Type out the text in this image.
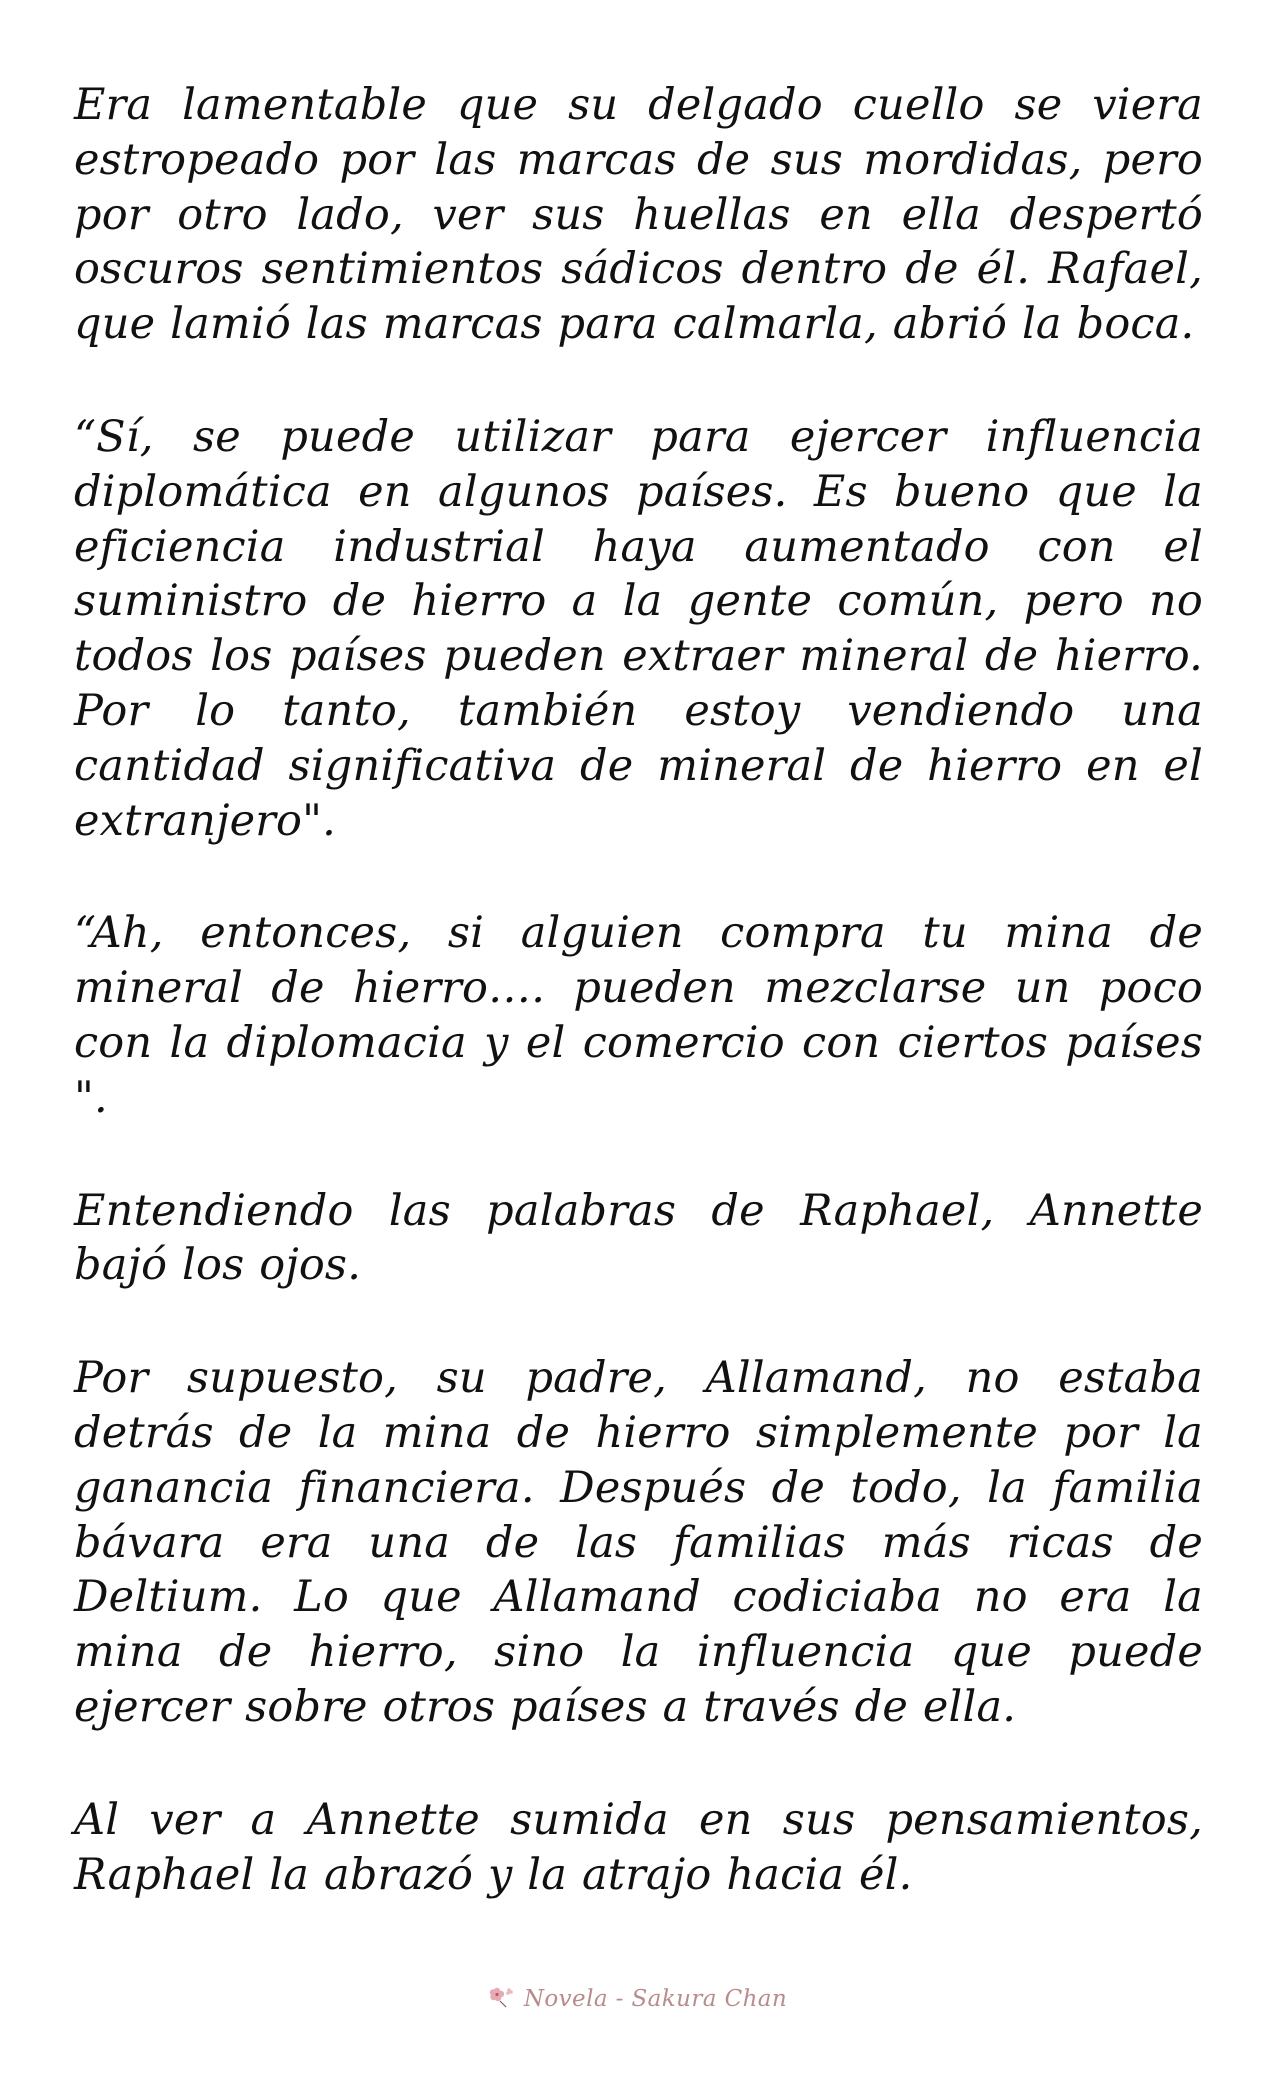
Era lamentable que su delgado cuello se viera estropeado por las marcas de sus mordidas, pero por otro lado, ver sus huellas en ella despertó oscuros sentimientos sádicos dentro de él. Rafael, que lamió las marcas para calmarla, abrió la boca.

“Sí, se puede utilizar para ejercer influencia diplomática en algunos países. Es bueno que la eficiencia industrial haya aumentado con el suministro de hierro a la gente común, pero no todos los países pueden extraer mineral de hierro. Por lo tanto, también estoy vendiendo una cantidad significativa de mineral de hierro en el extranjero".

“Ah, entonces, si alguien compra tu mina de mineral de hierro…. pueden mezclarse un poco con la diplomacia y el comercio con ciertos países ".

Entendiendo las palabras de Raphael, Annette bajó los ojos.

Por supuesto, su padre, Allamand, no estaba detrás de la mina de hierro simplemente por la ganancia financiera. Después de todo, la familia bávara era una de las familias más ricas de Deltium. Lo que Allamand codiciaba no era la mina de hierro, sino la influencia que puede ejercer sobre otros países a través de ella.

Al ver a Annette sumida en sus pensamientos, Raphael la abrazó y la atrajo hacia él.

Novela - Sakura Chan
